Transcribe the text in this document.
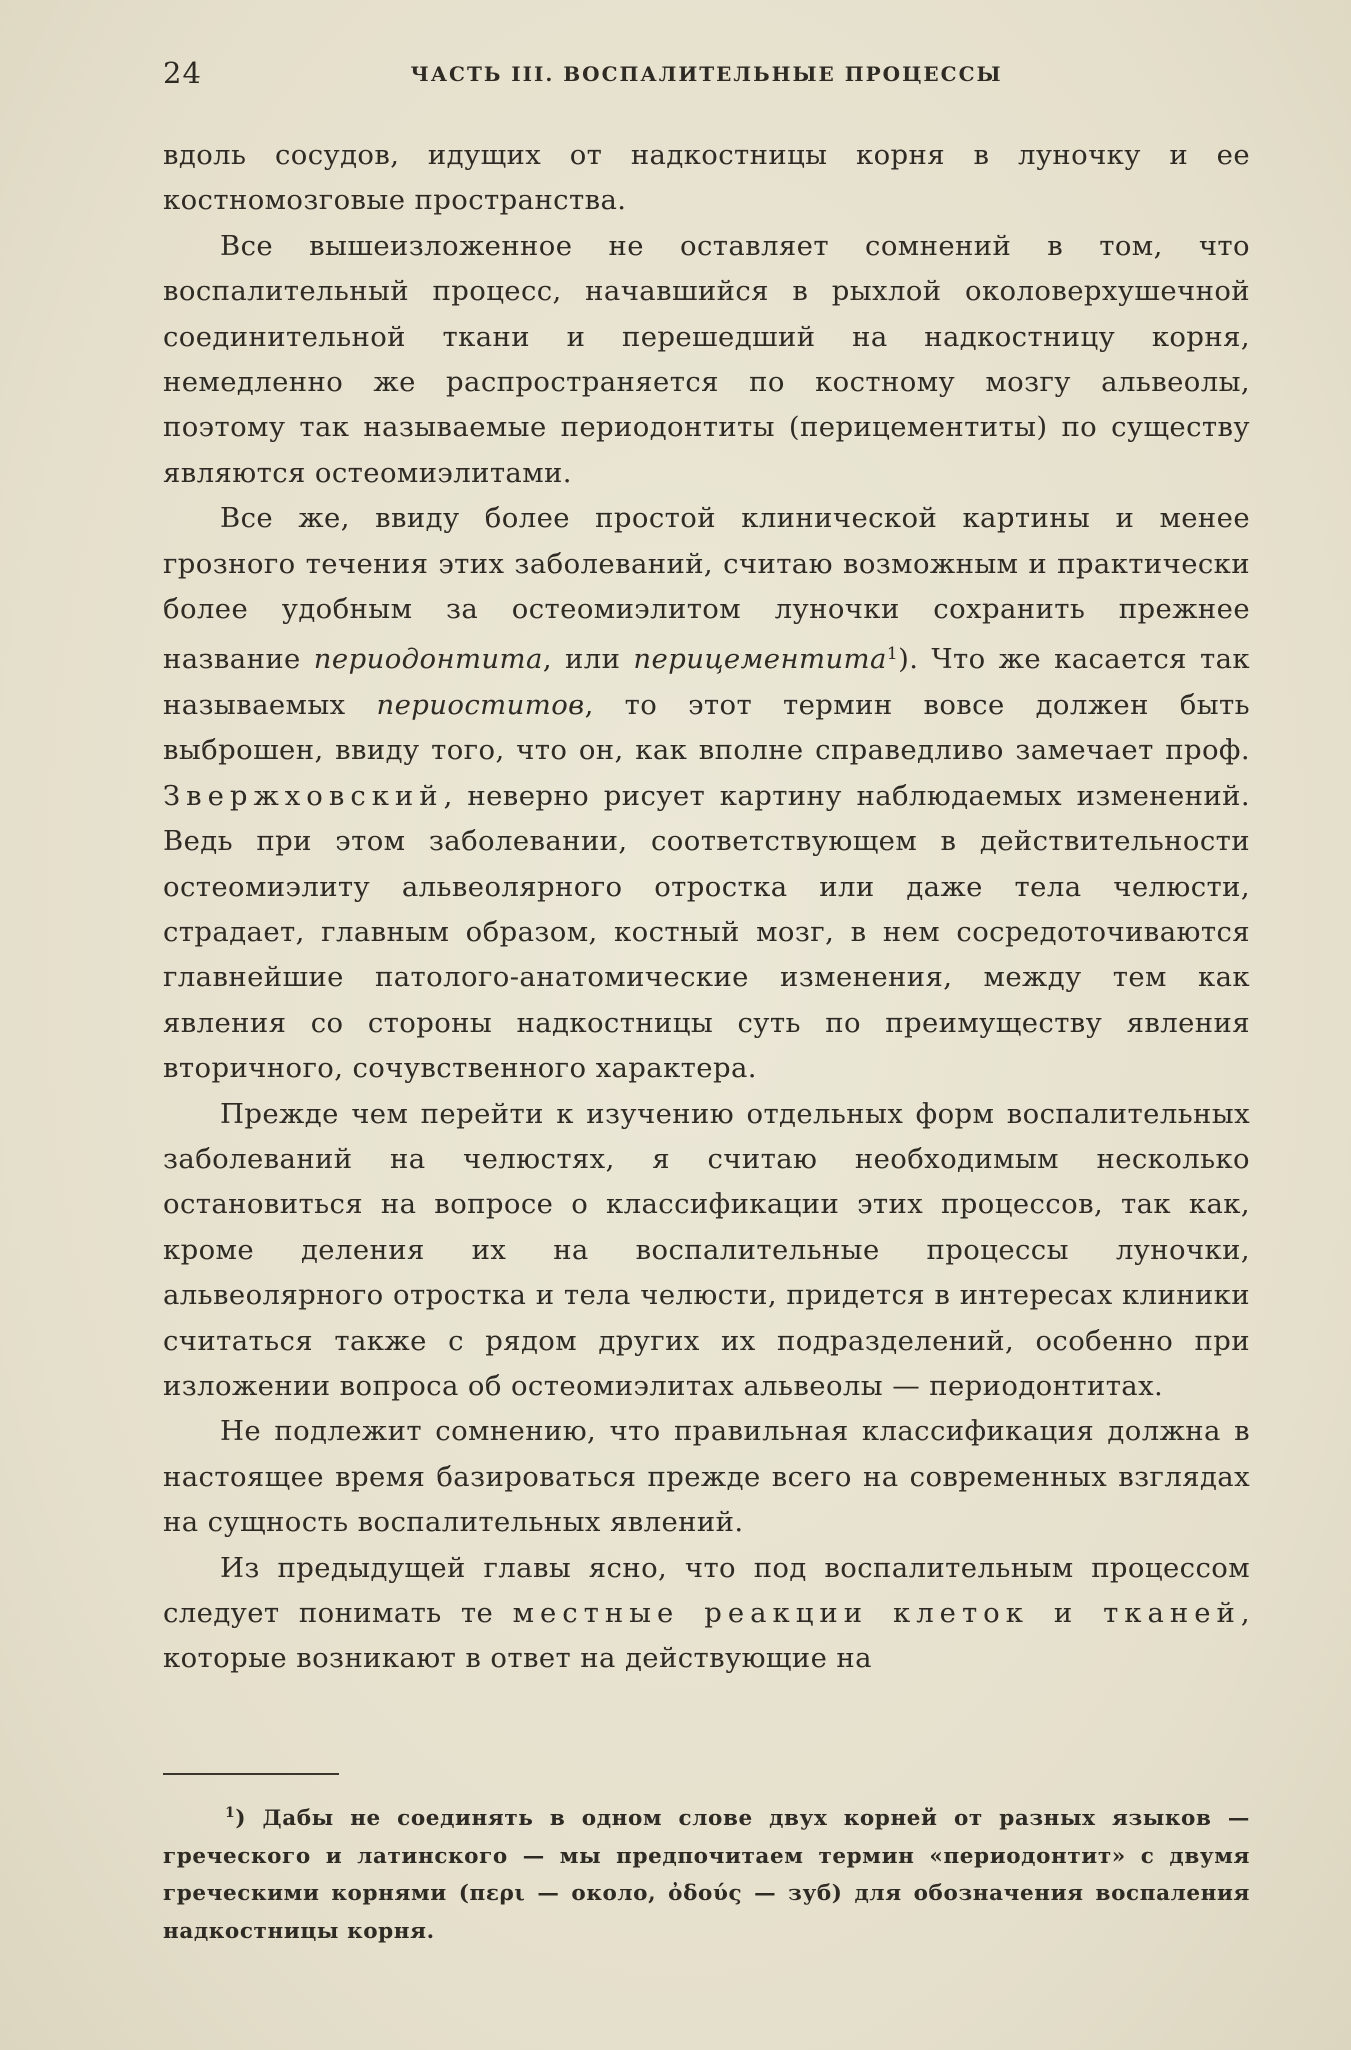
24	ЧАСТЬ III. ВОСПАЛИТЕЛЬНЫЕ ПРОЦЕССЫ

вдоль сосудов, идущих от надкостницы корня в луночку и ее костномозговые пространства.

Все вышеизложенное не оставляет сомнений в том, что воспалительный процесс, начавшийся в рыхлой околоверхушечной соединительной ткани и перешедший на надкостницу корня, немедленно же распространяется по костному мозгу альвеолы, поэтому так называемые периодонтиты (перицементиты) по существу являются остеомиэлитами.

Все же, ввиду более простой клинической картины и менее грозного течения этих заболеваний, считаю возможным и практически более удобным за остеомиэлитом луночки сохранить прежнее название периодонтита, или перицементита$^1$). Что же касается так называемых периоститов, то этот термин вовсе должен быть выброшен, ввиду того, что он, как вполне справедливо замечает проф. Звержховский, неверно рисует картину наблюдаемых изменений. Ведь при этом заболевании, соответствующем в действительности остеомиэлиту альвеолярного отростка или даже тела челюсти, страдает, главным образом, костный мозг, в нем сосредоточиваются главнейшие патолого-анатомические изменения, между тем как явления со стороны надкостницы суть по преимуществу явления вторичного, сочувственного характера.

Прежде чем перейти к изучению отдельных форм воспалительных заболеваний на челюстях, я считаю необходимым несколько остановиться на вопросе о классификации этих процессов, так как, кроме деления их на воспалительные процессы луночки, альвеолярного отростка и тела челюсти, придется в интересах клиники считаться также с рядом других их подразделений, особенно при изложении вопроса об остеомиэлитах альвеолы — периодонтитах.

Не подлежит сомнению, что правильная классификация должна в настоящее время базироваться прежде всего на современных взглядах на сущность воспалительных явлений.

Из предыдущей главы ясно, что под воспалительным процессом следует понимать те местные реакции клеток и тканей, которые возникают в ответ на действующие на

$^1$) Дабы не соединять в одном слове двух корней от разных языков — греческого и латинского — мы предпочитаем термин «периодонтит» с двумя греческими корнями (περι — около, ὀδούς — зуб) для обозначения воспаления надкостницы корня.
